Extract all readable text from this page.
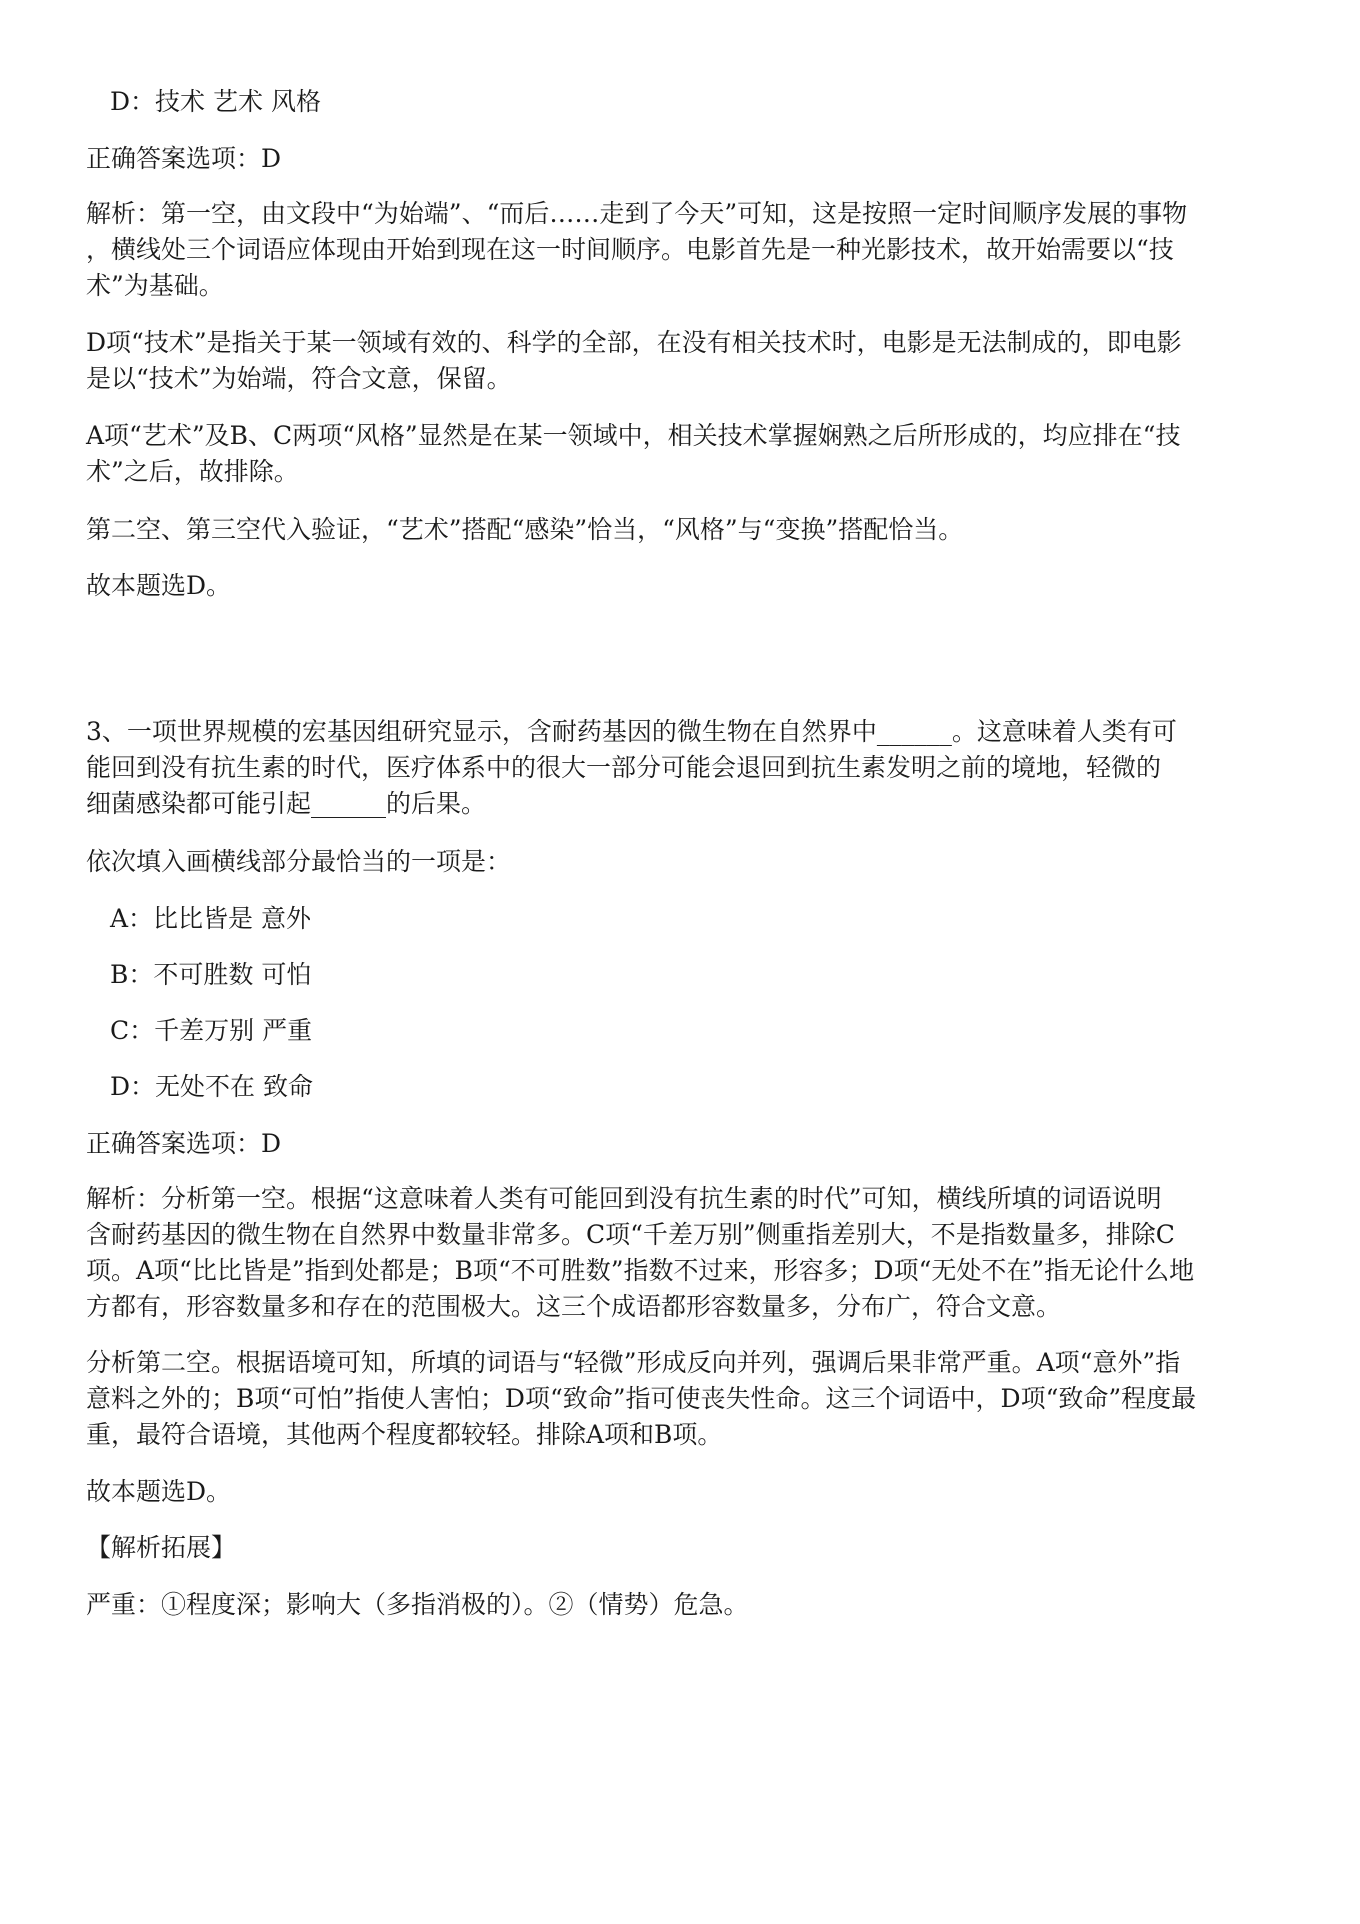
D：技术 艺术 风格
正确答案选项：D
解析：第一空，由文段中“为始端”、“而后……走到了今天”可知，这是按照一定时间顺序发展的事物
，横线处三个词语应体现由开始到现在这一时间顺序。电影首先是一种光影技术，故开始需要以“技
术”为基础。
D项“技术”是指关于某一领域有效的、科学的全部，在没有相关技术时，电影是无法制成的，即电影
是以“技术”为始端，符合文意，保留。
A项“艺术”及B、C两项“风格”显然是在某一领域中，相关技术掌握娴熟之后所形成的，均应排在“技
术”之后，故排除。
第二空、第三空代入验证，“艺术”搭配“感染”恰当，“风格”与“变换”搭配恰当。
故本题选D。
3、一项世界规模的宏基因组研究显示，含耐药基因的微生物在自然界中______。这意味着人类有可
能回到没有抗生素的时代，医疗体系中的很大一部分可能会退回到抗生素发明之前的境地，轻微的
细菌感染都可能引起______的后果。
依次填入画横线部分最恰当的一项是：
A：比比皆是 意外
B：不可胜数 可怕
C：千差万别 严重
D：无处不在 致命
正确答案选项：D
解析：分析第一空。根据“这意味着人类有可能回到没有抗生素的时代”可知，横线所填的词语说明
含耐药基因的微生物在自然界中数量非常多。C项“千差万别”侧重指差别大，不是指数量多，排除C
项。A项“比比皆是”指到处都是；B项“不可胜数”指数不过来，形容多；D项“无处不在”指无论什么地
方都有，形容数量多和存在的范围极大。这三个成语都形容数量多，分布广，符合文意。
分析第二空。根据语境可知，所填的词语与“轻微”形成反向并列，强调后果非常严重。A项“意外”指
意料之外的；B项“可怕”指使人害怕；D项“致命”指可使丧失性命。这三个词语中，D项“致命”程度最
重，最符合语境，其他两个程度都较轻。排除A项和B项。
故本题选D。
【解析拓展】
严重：①程度深；影响大（多指消极的）。②（情势）危急。
